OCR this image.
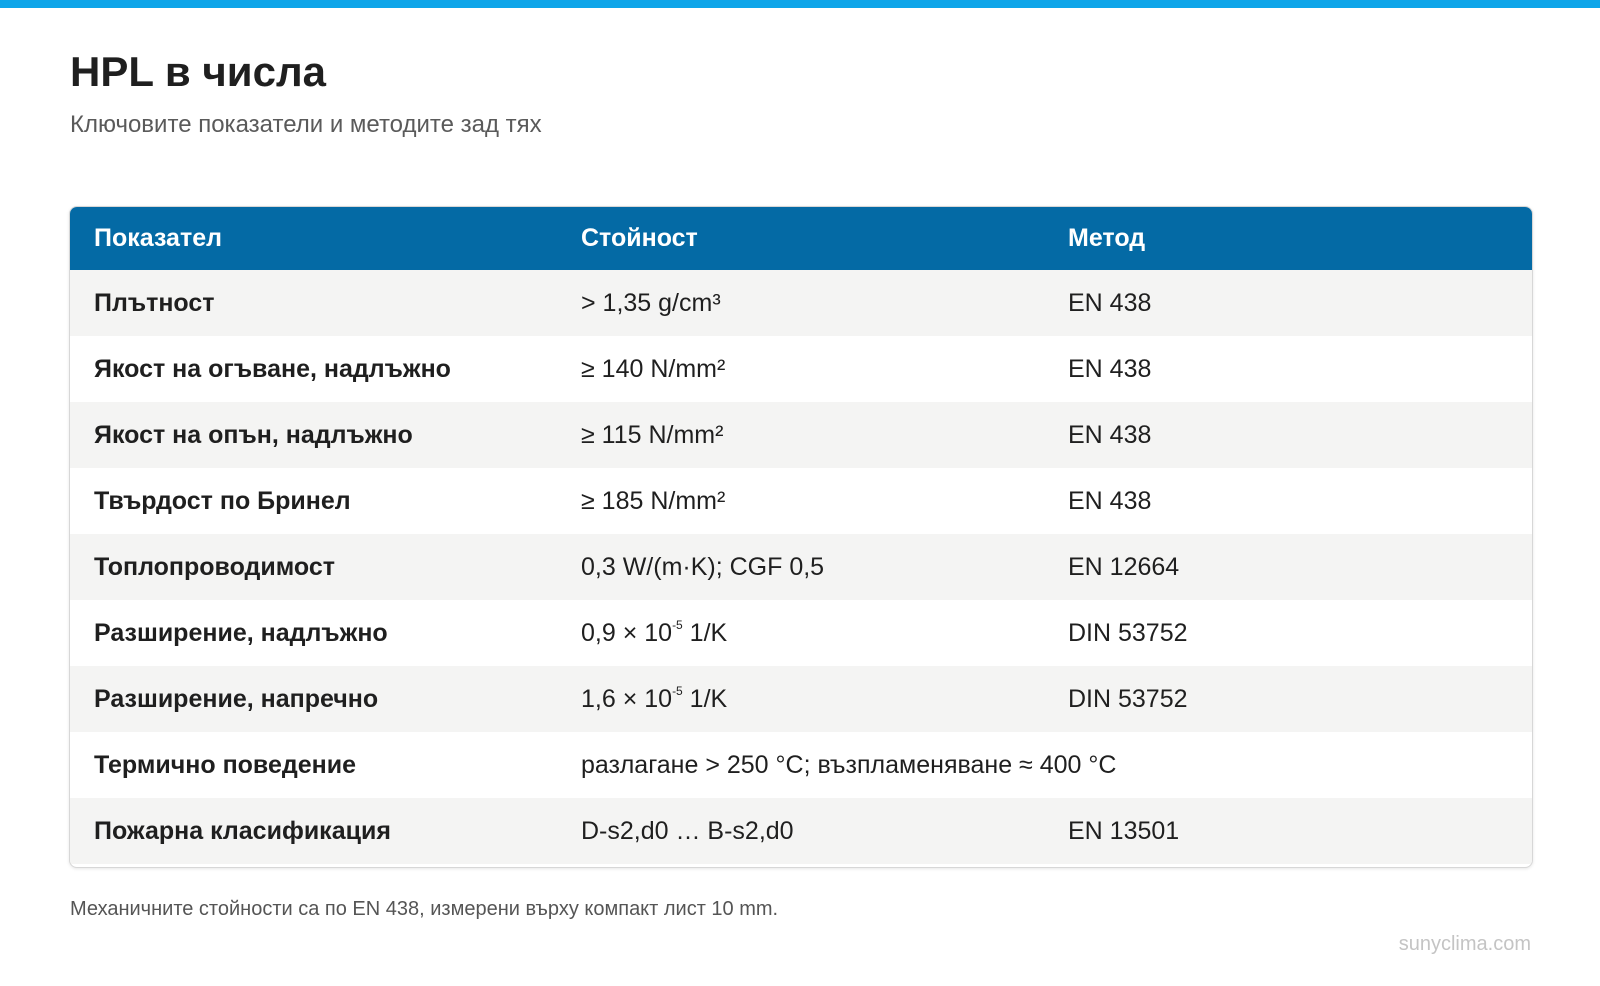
HPL в числа

Ключовите показатели и методите зад тях

Показател	Стойност	Метод
Плътност	> 1,35 g/cm³	EN 438
Якост на огъване, надлъжно	≥ 140 N/mm²	EN 438
Якост на опън, надлъжно	≥ 115 N/mm²	EN 438
Твърдост по Бринел	≥ 185 N/mm²	EN 438
Топлопроводимост	0,3 W/(m·K); CGF 0,5	EN 12664
Разширение, надлъжно	$0,9 \times 10^{-5}$ 1/K	DIN 53752
Разширение, напречно	$1,6 \times 10^{-5}$ 1/K	DIN 53752
Термично поведение	разлагане > 250 °C; възпламеняване ≈ 400 °C	
Пожарна класификация	D-s2,d0 … B-s2,d0	EN 13501

Механичните стойности са по EN 438, измерени върху компакт лист 10 mm.

sunyclima.com
